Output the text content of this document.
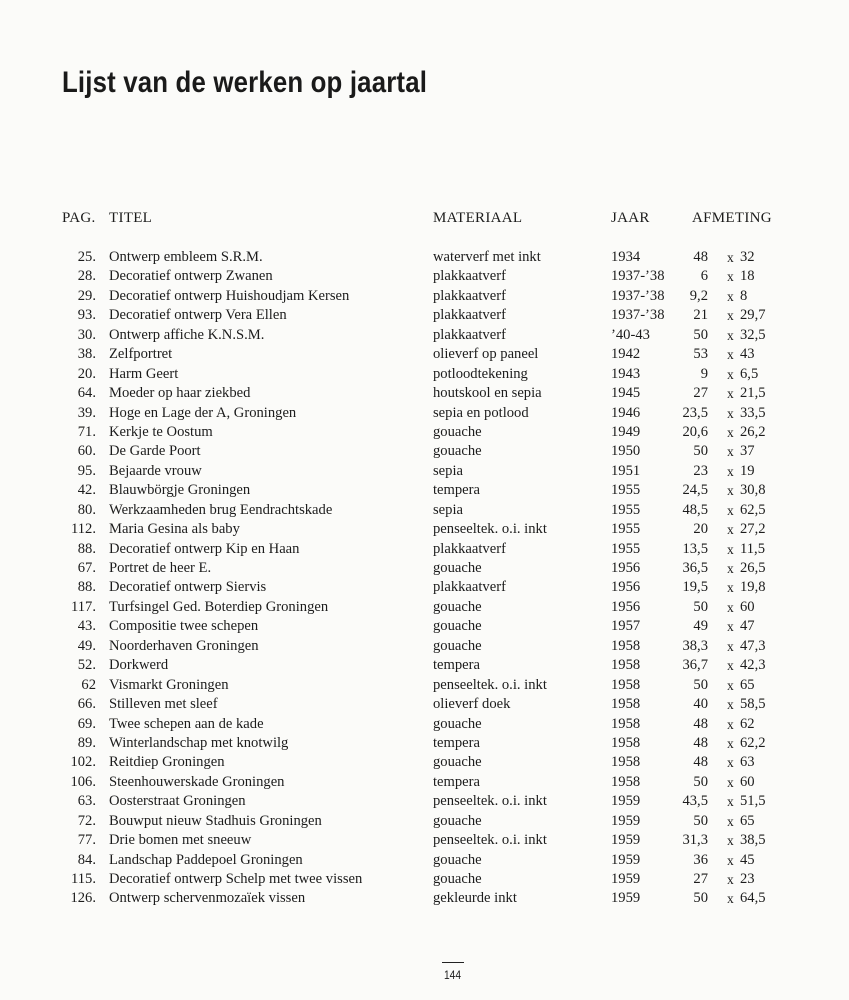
Lijst van de werken op jaartal
PAG. TITEL	MATERIAAL	JAAR	AFMETING
25. Ontwerp embleem S.R.M.	waterverf met inkt	1934	48 x 32
28. Decoratief ontwerp Zwanen	plakkaatverf	1937-’38 6 x 18
29. Decoratief ontwerp Huishoudjam Kersen	plakkaatverf	1937-’38 9,2 x 8
93. Decoratief ontwerp Vera Ellen	plakkaatverf	1937-’38 21 x 29,7
30. Ontwerp affiche K.N.S.M.	plakkaatverf	’40-43	50 x 32,5
38. Zelfportret	olieverf op paneel	1942	53 x 43
20. Harm Geert	potloodtekening	1943	9 x 6,5
64. Moeder op haar ziekbed	houtskool en sepia	1945	27 x 21,5
39. Hoge en Lage der A, Groningen	sepia en potlood	1946	23,5 x 33,5
71. Kerkje te Oostum	gouache	1949	20,6 x 26,2
60. De Garde Poort	gouache	1950	50 x 37
95. Bejaarde vrouw	sepia	1951	23 x 19
42. Blauwbörgje Groningen	tempera	1955	24,5 x 30,8
80. Werkzaamheden brug Eendrachtskade	sepia	1955	48,5 x 62,5
112. Maria Gesina als baby	penseeltek. o.i. inkt	1955	20 x 27,2
88. Decoratief ontwerp Kip en Haan	plakkaatverf	1955	13,5 x 11,5
67. Portret de heer E.	gouache	1956	36,5 x 26,5
88. Decoratief ontwerp Siervis	plakkaatverf	1956	19,5 x 19,8
117. Turfsingel Ged. Boterdiep Groningen	gouache	1956	50 x 60
43. Compositie twee schepen	gouache	1957	49 x 47
49. Noorderhaven Groningen	gouache	1958	38,3 x 47,3
52. Dorkwerd	tempera	1958	36,7 x 42,3
62 Vismarkt Groningen	penseeltek. o.i. inkt	1958	50 x 65
66. Stilleven met sleef	olieverf doek	1958	40 x 58,5
69. Twee schepen aan de kade	gouache	1958	48 x 62
89. Winterlandschap met knotwilg	tempera	1958	48 x 62,2
102. Reitdiep Groningen	gouache	1958	48 x 63
106. Steenhouwerskade Groningen	tempera	1958	50 x 60
63. Oosterstraat Groningen	penseeltek. o.i. inkt	1959	43,5 x 51,5
72. Bouwput nieuw Stadhuis Groningen	gouache	1959	50 x 65
77. Drie bomen met sneeuw	penseeltek. o.i. inkt	1959	31,3 x 38,5
84. Landschap Paddepoel Groningen	gouache	1959	36 x 45
115. Decoratief ontwerp Schelp met twee vissen	gouache	1959	27 x 23
126. Ontwerp schervenmozaïek vissen	gekleurde inkt	1959	50 x 64,5
144
